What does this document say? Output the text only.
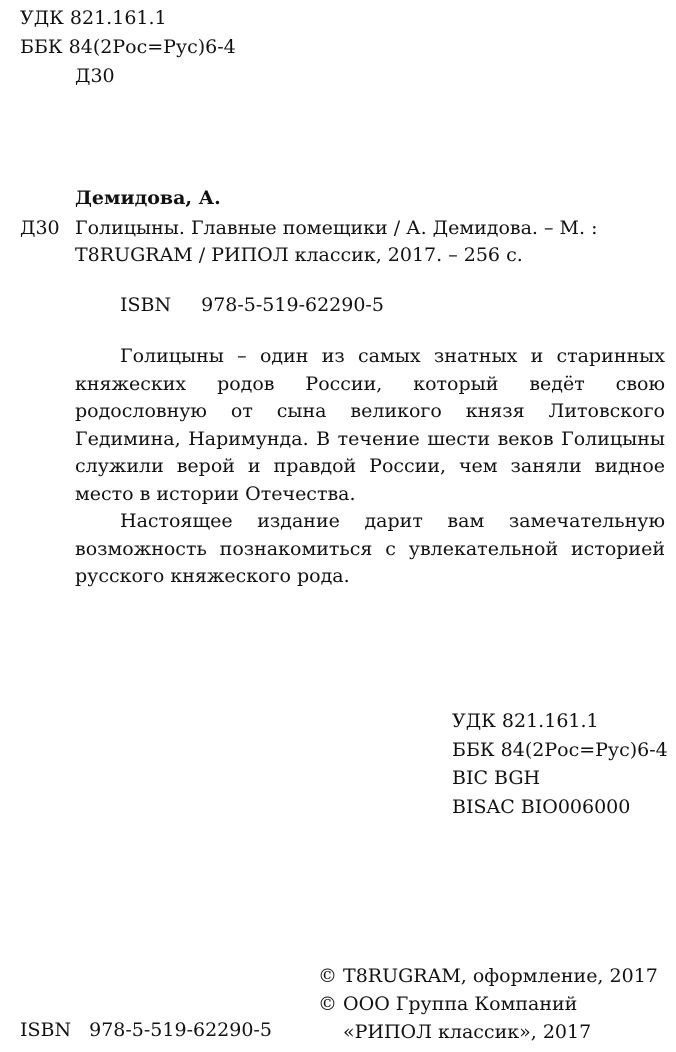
УДК 821.161.1
ББК 84(2Рос=Рус)6-4
Д30
Демидова, А.
Д30 Голицыны. Главные помещики / А. Демидова. – М. :
T8RUGRAM / РИПОЛ классик, 2017. – 256 с.
ISBN 978-5-519-62290-5

Голицыны – один из самых знатных и старинных княжеских родов России, который ведёт свою родословную от сына великого князя Литовского Гедимина, Наримунда. В течение шести веков Голицыны служили верой и правдой России, чем заняли видное место в истории Отечества.

Настоящее издание дарит вам замечательную возможность познакомиться с увлекательной историей русского княжеского рода.

УДК 821.161.1
ББК 84(2Рос=Рус)6-4
BIC BGH
BISAC BIO006000
© T8RUGRAM, оформление, 2017
© ООО Группа Компаний
«РИПОЛ классик», 2017
ISBN 978-5-519-62290-5
